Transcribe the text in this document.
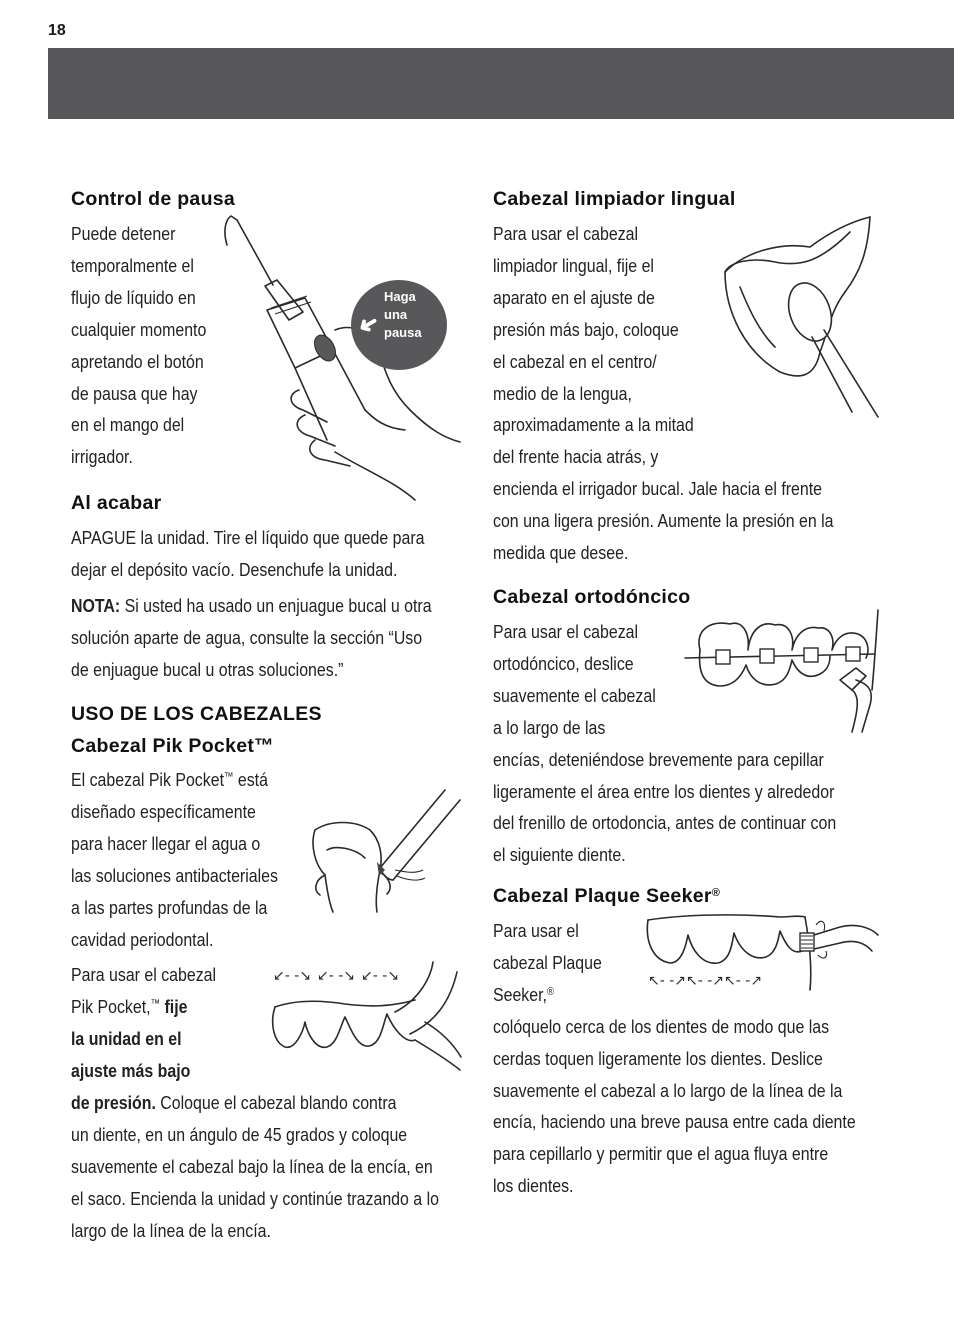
18
Control de pausa
Puede detener
temporalmente el
flujo de líquido en
cualquier momento
apretando el botón
de pausa que hay
en el mango del
irrigador.
➜
Haga
una
pausa
Al acabar
APAGUE la unidad. Tire el líquido que quede para
dejar el depósito vacío. Desenchufe la unidad.
NOTA: Si usted ha usado un enjuague bucal u otra
solución aparte de agua, consulte la sección “Uso
de enjuague bucal u otras soluciones.”
USO DE LOS CABEZALES
Cabezal Pik Pocket™
El cabezal Pik Pocket™ está
diseñado específicamente
para hacer llegar el agua o
las soluciones antibacteriales
a las partes profundas de la
cavidad periodontal.
Para usar el cabezal
Pik Pocket,™ fije
la unidad en el
ajuste más bajo
de presión. Coloque el cabezal blando contra
un diente, en un ángulo de 45 grados y coloque
suavemente el cabezal bajo la línea de la encía, en
el saco. Encienda la unidad y continúe trazando a lo
largo de la línea de la encía.
↙- -↘ ↙- -↘ ↙- -↘
Cabezal limpiador lingual
Para usar el cabezal
limpiador lingual, fije el
aparato en el ajuste de
presión más bajo, coloque
el cabezal en el centro/
medio de la lengua,
aproximadamente a la mitad
del frente hacia atrás, y
encienda el irrigador bucal. Jale hacia el frente
con una ligera presión. Aumente la presión en la
medida que desee.
Cabezal ortodóncico
Para usar el cabezal
ortodóncico, deslice
suavemente el cabezal
a lo largo de las
encías, deteniéndose brevemente para cepillar
ligeramente el área entre los dientes y alrededor
del frenillo de ortodoncia, antes de continuar con
el siguiente diente.
Cabezal Plaque Seeker®
Para usar el
cabezal Plaque
Seeker,®
colóquelo cerca de los dientes de modo que las
cerdas toquen ligeramente los dientes. Deslice
suavemente el cabezal a lo largo de la línea de la
encía, haciendo una breve pausa entre cada diente
para cepillarlo y permitir que el agua fluya entre
los dientes.
↖- -↗↖- -↗↖- -↗
